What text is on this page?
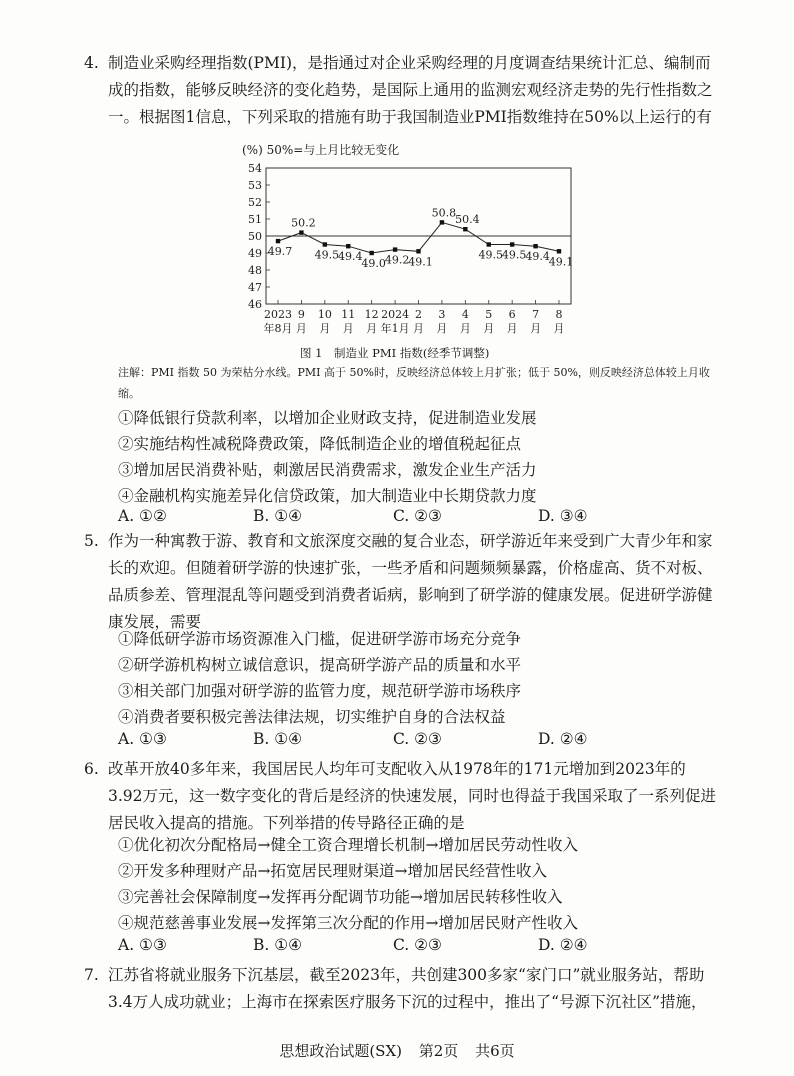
4. 制造业采购经理指数(PMI)，是指通过对企业采购经理的月度调查结果统计汇总、编制而成的指数，能够反映经济的变化趋势，是国际上通用的监测宏观经济走势的先行性指数之一。根据图1信息，下列采取的措施有助于我国制造业PMI指数维持在50%以上运行的有

(%) 50%=与上月比较无变化
54
53
52
51
50
49
48
47
46
49.7
2023
年8月
50.2
9
月
49.5
10
月
49.4
11
月
49.0
12
月
49.2
2024
年1月
49.1
2
月
50.8
3
月
50.4
4
月
49.5
5
月
49.5
6
月
49.4
7
月
49.1
8
月
图 1　制造业 PMI 指数(经季节调整)
注解：PMI 指数 50 为荣枯分水线。PMI 高于 50%时，反映经济总体较上月扩张；低于 50%，则反映经济总体较上月收缩。
①降低银行贷款利率，以增加企业财政支持，促进制造业发展
②实施结构性减税降费政策，降低制造企业的增值税起征点
③增加居民消费补贴，刺激居民消费需求，激发企业生产活力
④金融机构实施差异化信贷政策，加大制造业中长期贷款力度
A. ①②	B. ①④	C. ②③	D. ③④
5. 作为一种寓教于游、教育和文旅深度交融的复合业态，研学游近年来受到广大青少年和家长的欢迎。但随着研学游的快速扩张，一些矛盾和问题频频暴露，价格虚高、货不对板、品质参差、管理混乱等问题受到消费者诟病，影响到了研学游的健康发展。促进研学游健康发展，需要

①降低研学游市场资源准入门槛，促进研学游市场充分竞争
②研学游机构树立诚信意识，提高研学游产品的质量和水平
③相关部门加强对研学游的监管力度，规范研学游市场秩序
④消费者要积极完善法律法规，切实维护自身的合法权益
A. ①③	B. ①④	C. ②③	D. ②④
6. 改革开放40多年来，我国居民人均年可支配收入从1978年的171元增加到2023年的3.92万元，这一数字变化的背后是经济的快速发展，同时也得益于我国采取了一系列促进居民收入提高的措施。下列举措的传导路径正确的是

①优化初次分配格局→健全工资合理增长机制→增加居民劳动性收入
②开发多种理财产品→拓宽居民理财渠道→增加居民经营性收入
③完善社会保障制度→发挥再分配调节功能→增加居民转移性收入
④规范慈善事业发展→发挥第三次分配的作用→增加居民财产性收入
A. ①③	B. ①④	C. ②③	D. ②④
7. 江苏省将就业服务下沉基层，截至2023年，共创建300多家“家门口”就业服务站，帮助3.4万人成功就业；上海市在探索医疗服务下沉的过程中，推出了“号源下沉社区”措施，

思想政治试题(SX) 第2页 共6页
